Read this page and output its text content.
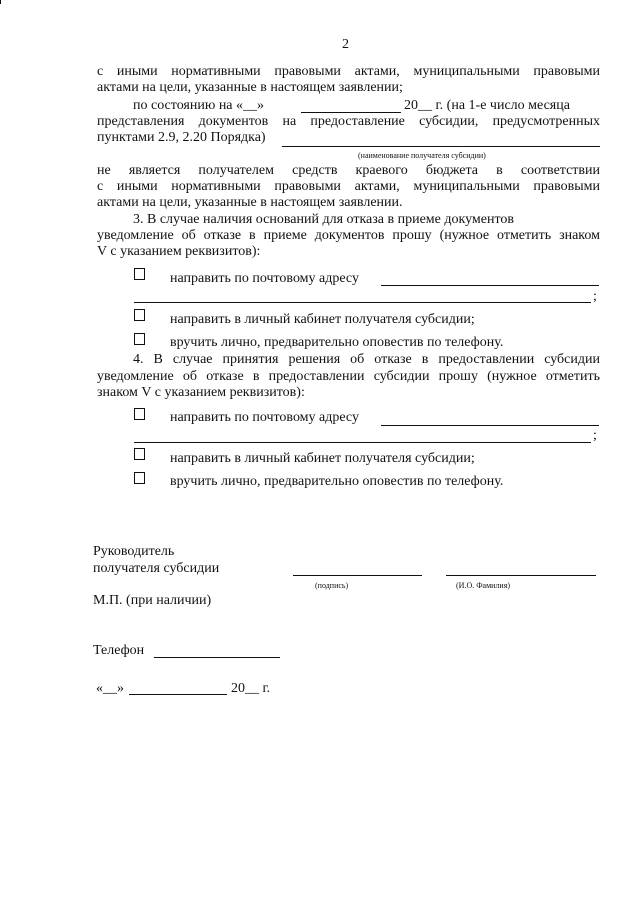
2
с иными нормативными правовыми актами, муниципальными правовыми
актами на цели, указанные в настоящем заявлении;
по состоянию на «__»	20__ г. (на 1-е число месяца
представления документов на предоставление субсидии, предусмотренных
пунктами 2.9, 2.20 Порядка)
(наименование получателя субсидии)
не является получателем средств краевого бюджета в соответствии
с иными нормативными правовыми актами, муниципальными правовыми
актами на цели, указанные в настоящем заявлении.
3. В случае наличия оснований для отказа в приеме документов
уведомление об отказе в приеме документов прошу (нужное отметить знаком
V с указанием реквизитов):
направить по почтовому адресу
;
направить в личный кабинет получателя субсидии;
вручить лично, предварительно оповестив по телефону.
4. В случае принятия решения об отказе в предоставлении субсидии
уведомление об отказе в предоставлении субсидии прошу (нужное отметить
знаком V с указанием реквизитов):
направить по почтовому адресу
;
направить в личный кабинет получателя субсидии;
вручить лично, предварительно оповестив по телефону.
Руководитель
получателя субсидии
(подпись)	(И.О. Фамилия)
М.П. (при наличии)
Телефон
«__»	20__ г.
